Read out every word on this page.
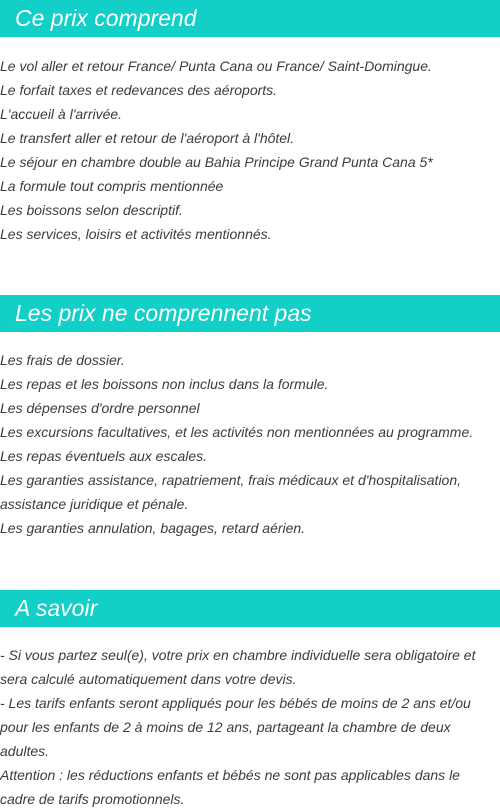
Ce prix comprend
Le vol aller et retour France/ Punta Cana ou France/ Saint-Domingue.
Le forfait taxes et redevances des aéroports.
L'accueil à l'arrivée.
Le transfert aller et retour de l'aéroport à l'hôtel.
Le séjour en chambre double au Bahia Principe Grand Punta Cana 5*
La formule tout compris mentionnée
Les boissons selon descriptif.
Les services, loisirs et activités mentionnés.
Les prix ne comprennent pas
Les frais de dossier.
Les repas et les boissons non inclus dans la formule.
Les dépenses d'ordre personnel
Les excursions facultatives, et les activités non mentionnées au programme.
Les repas éventuels aux escales.
Les garanties assistance, rapatriement, frais médicaux et d'hospitalisation, assistance juridique et pénale.
Les garanties annulation, bagages, retard aérien.
A savoir
- Si vous partez seul(e), votre prix en chambre individuelle sera obligatoire et sera calculé automatiquement dans votre devis.
- Les tarifs enfants seront appliqués pour les bébés de moins de 2 ans et/ou pour les enfants de 2 à moins de 12 ans, partageant la chambre de deux adultes.
Attention : les réductions enfants et bébés ne sont pas applicables dans le cadre de tarifs promotionnels.
